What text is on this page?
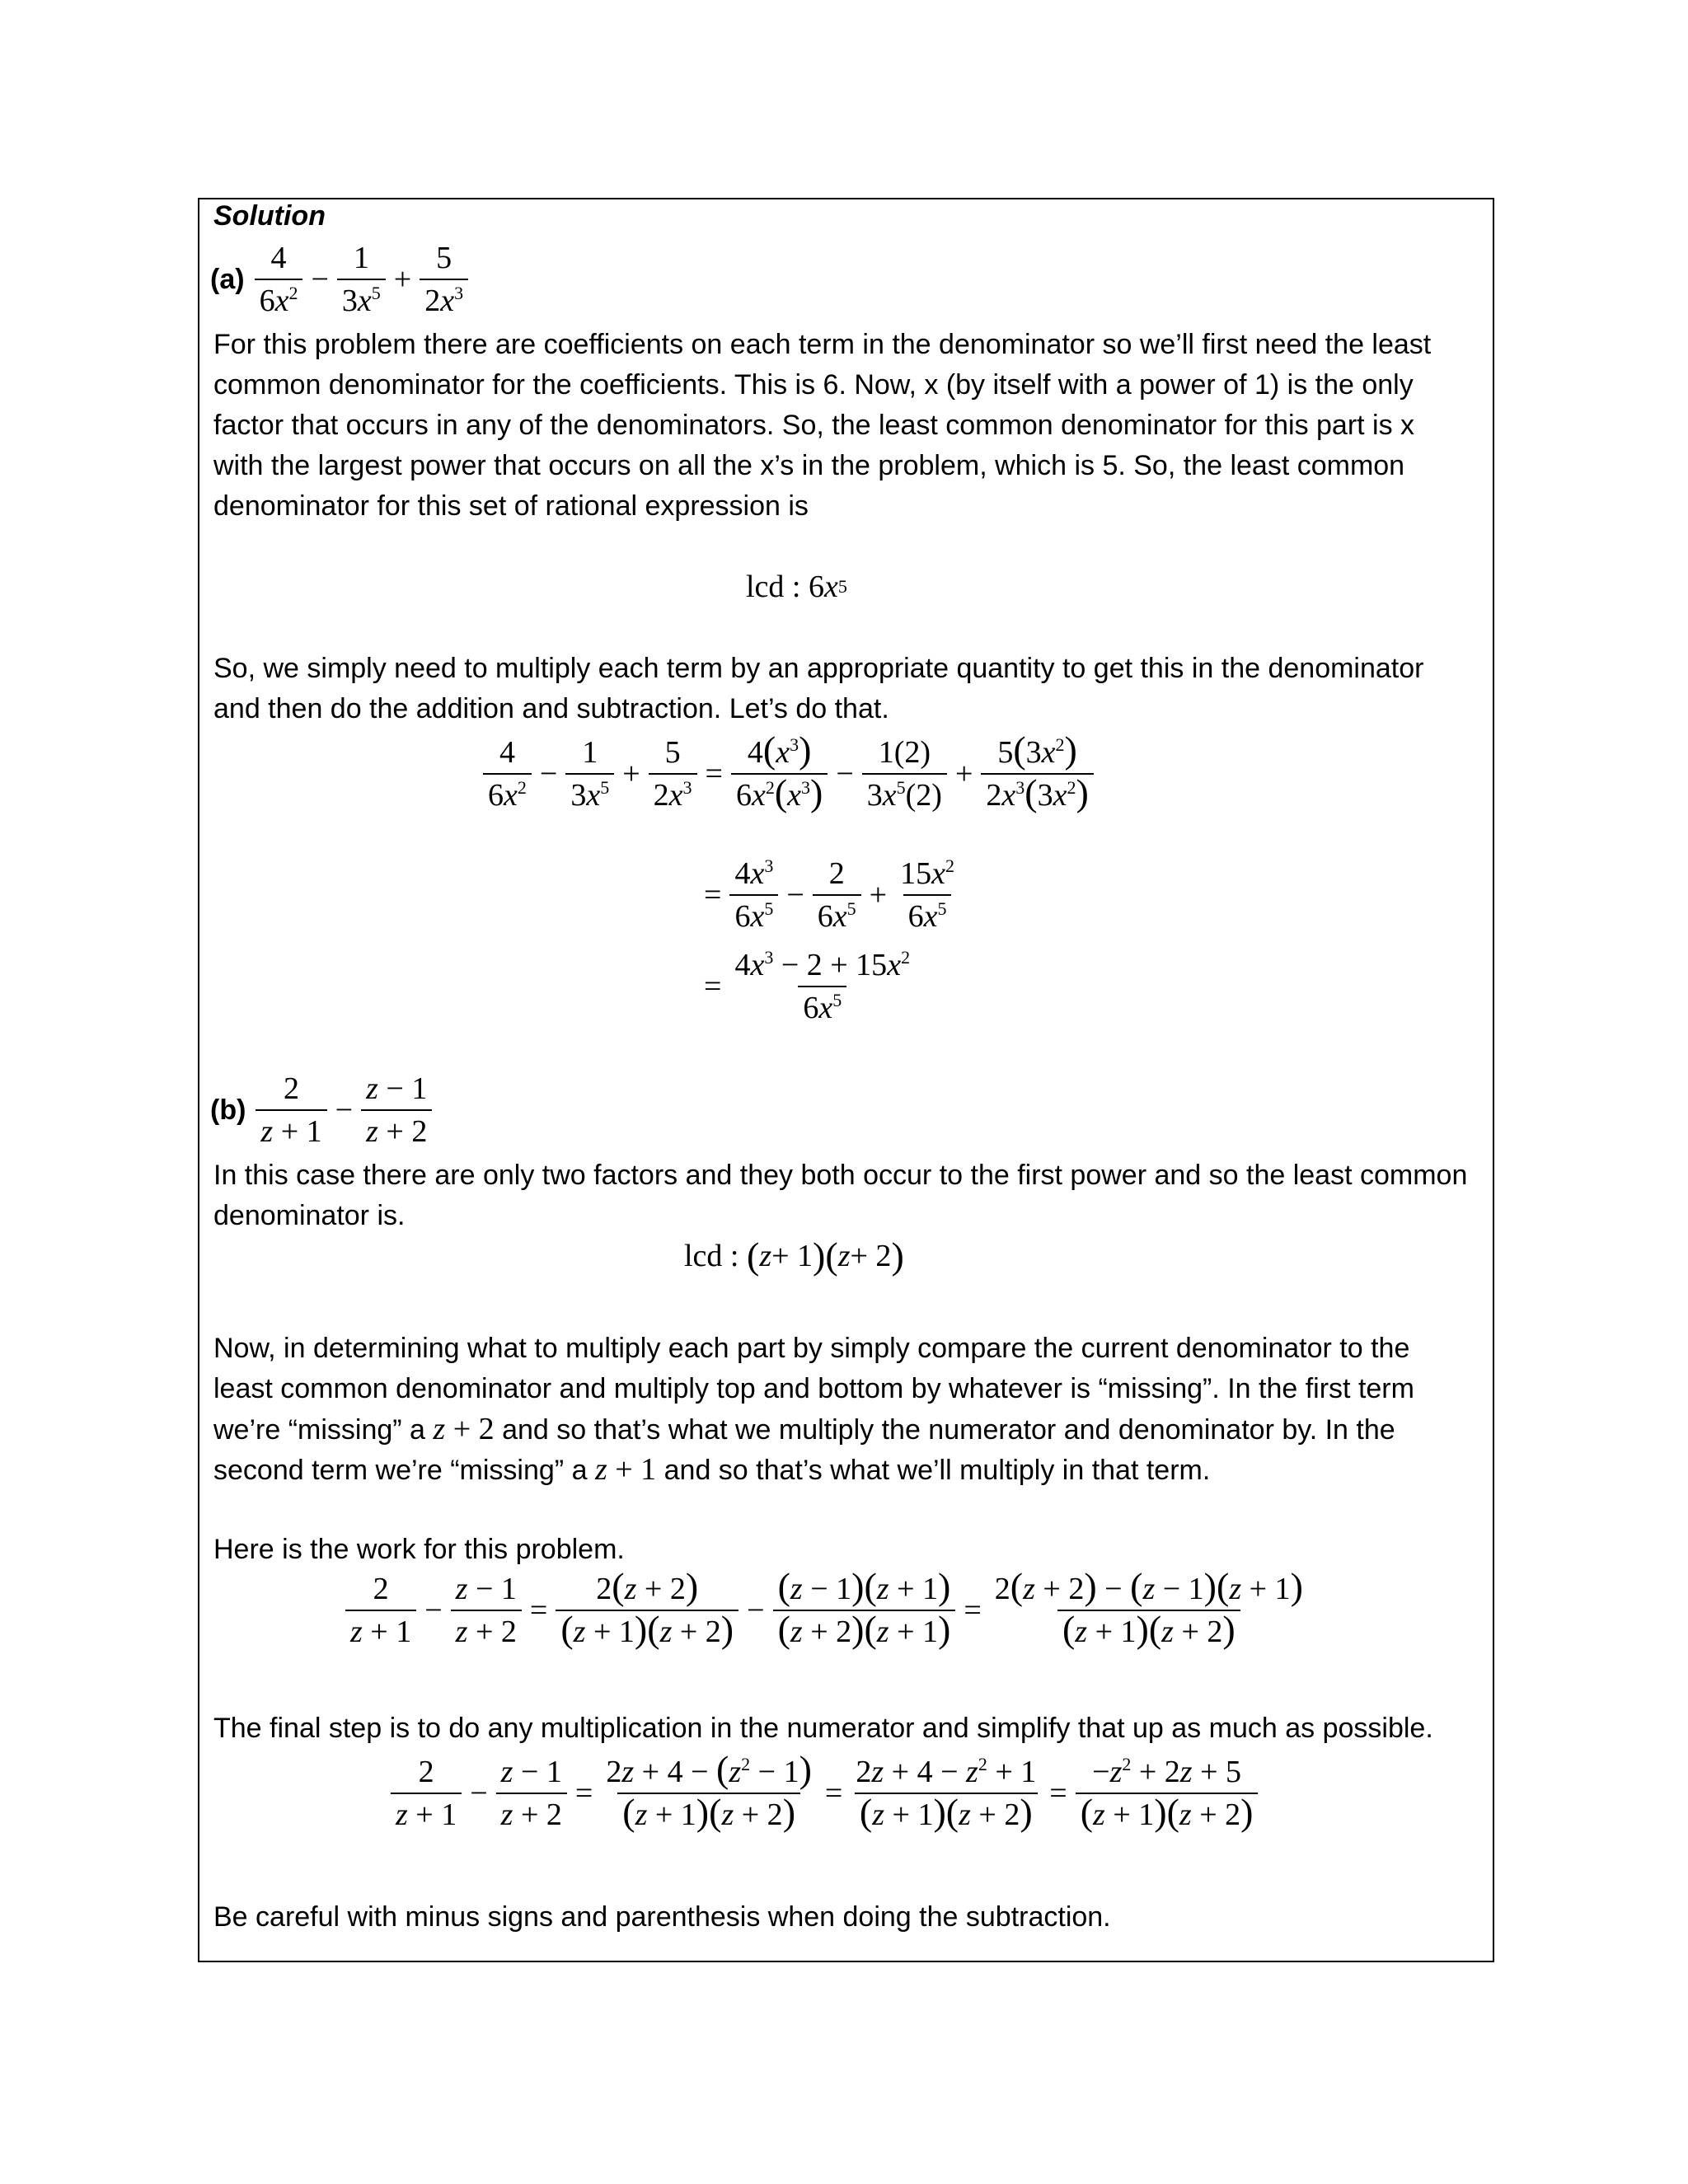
Solution

$(a) \frac{4}{6x^2} - \frac{1}{3x^5} + \frac{5}{2x^3}$

For this problem there are coefficients on each term in the denominator so we’ll first need the least

common denominator for the coefficients. This is 6. Now, x (by itself with a power of 1) is the only

factor that occurs in any of the denominators. So, the least common denominator for this part is x

with the largest power that occurs on all the x’s in the problem, which is 5. So, the least common

denominator for this set of rational expression is

lcd : 6 x 5

So, we simply need to multiply each term by an appropriate quantity to get this in the denominator

and then do the addition and subtraction. Let’s do that.

$\frac{4}{6x^2} - \frac{1}{3x^5} + \frac{5}{2x^3} = \frac{4(x^3)}{6x^2(x^3)} - \frac{1(2)}{3x^5(2)} + \frac{5(3x^2)}{2x^3(3x^2)}$
= $\frac{4x^3}{6x^5} - \frac{2}{6x^5} + \frac{15x^2}{6x^5}$
= $\frac{4x^3 - 2 + 15x^2}{6x^5}$
$(b) \frac{2}{z + 1} - \frac{z - 1}{z + 2}$

In this case there are only two factors and they both occur to the first power and so the least common

denominator is.

lcd :
( z + 1 ) ( z + 2 )

Now, in determining what to multiply each part by simply compare the current denominator to the

least common denominator and multiply top and bottom by whatever is “missing”. In the first term

we’re “missing” a z + 2 and so that’s what we multiply the numerator and denominator by. In the

second term we’re “missing” a z + 1 and so that’s what we’ll multiply in that term.

Here is the work for this problem.

$\frac{2}{z + 1} - \frac{z - 1}{z + 2} = \frac{2(z + 2)}{(z + 1)(z + 2)} - \frac{(z - 1)(z + 1)}{(z + 2)(z + 1)} = \frac{2(z + 2) - (z - 1)(z + 1)}{(z + 1)(z + 2)}$

The final step is to do any multiplication in the numerator and simplify that up as much as possible.

$\frac{2}{z + 1} - \frac{z - 1}{z + 2} = \frac{2z + 4 - (z^2 - 1)}{(z + 1)(z + 2)} = \frac{2z + 4 - z^2 + 1}{(z + 1)(z + 2)} = \frac{-z^2 + 2z + 5}{(z + 1)(z + 2)}$

Be careful with minus signs and parenthesis when doing the subtraction.
